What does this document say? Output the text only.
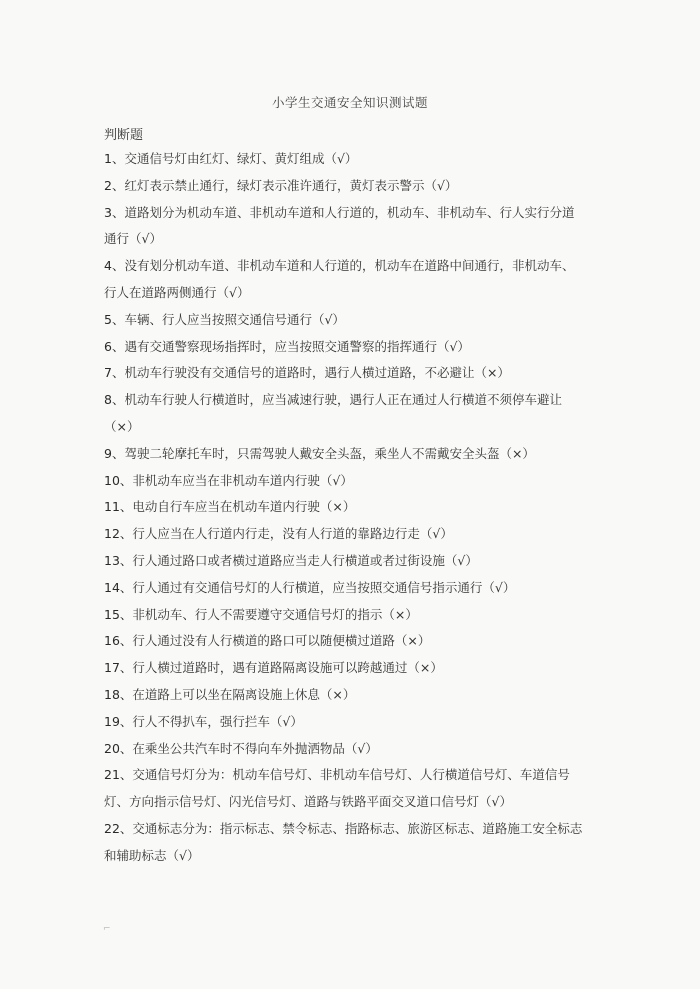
小学生交通安全知识测试题
判断题
1、交通信号灯由红灯、绿灯、黄灯组成（√）
2、红灯表示禁止通行，绿灯表示准许通行，黄灯表示警示（√）
3、道路划分为机动车道、非机动车道和人行道的，机动车、非机动车、行人实行分道通行（√）
4、没有划分机动车道、非机动车道和人行道的，机动车在道路中间通行，非机动车、行人在道路两侧通行（√）
5、车辆、行人应当按照交通信号通行（√）
6、遇有交通警察现场指挥时，应当按照交通警察的指挥通行（√）
7、机动车行驶没有交通信号的道路时，遇行人横过道路，不必避让（×）
8、机动车行驶人行横道时，应当减速行驶，遇行人正在通过人行横道不须停车避让（×）
9、驾驶二轮摩托车时，只需驾驶人戴安全头盔，乘坐人不需戴安全头盔（×）
10、非机动车应当在非机动车道内行驶（√）
11、电动自行车应当在机动车道内行驶（×）
12、行人应当在人行道内行走，没有人行道的靠路边行走（√）
13、行人通过路口或者横过道路应当走人行横道或者过街设施（√）
14、行人通过有交通信号灯的人行横道，应当按照交通信号指示通行（√）
15、非机动车、行人不需要遵守交通信号灯的指示（×）
16、行人通过没有人行横道的路口可以随便横过道路（×）
17、行人横过道路时，遇有道路隔离设施可以跨越通过（×）
18、在道路上可以坐在隔离设施上休息（×）
19、行人不得扒车，强行拦车（√）
20、在乘坐公共汽车时不得向车外抛洒物品（√）
21、交通信号灯分为：机动车信号灯、非机动车信号灯、人行横道信号灯、车道信号灯、方向指示信号灯、闪光信号灯、道路与铁路平面交叉道口信号灯（√）
22、交通标志分为：指示标志、禁令标志、指路标志、旅游区标志、道路施工安全标志和辅助标志（√）
⌐
